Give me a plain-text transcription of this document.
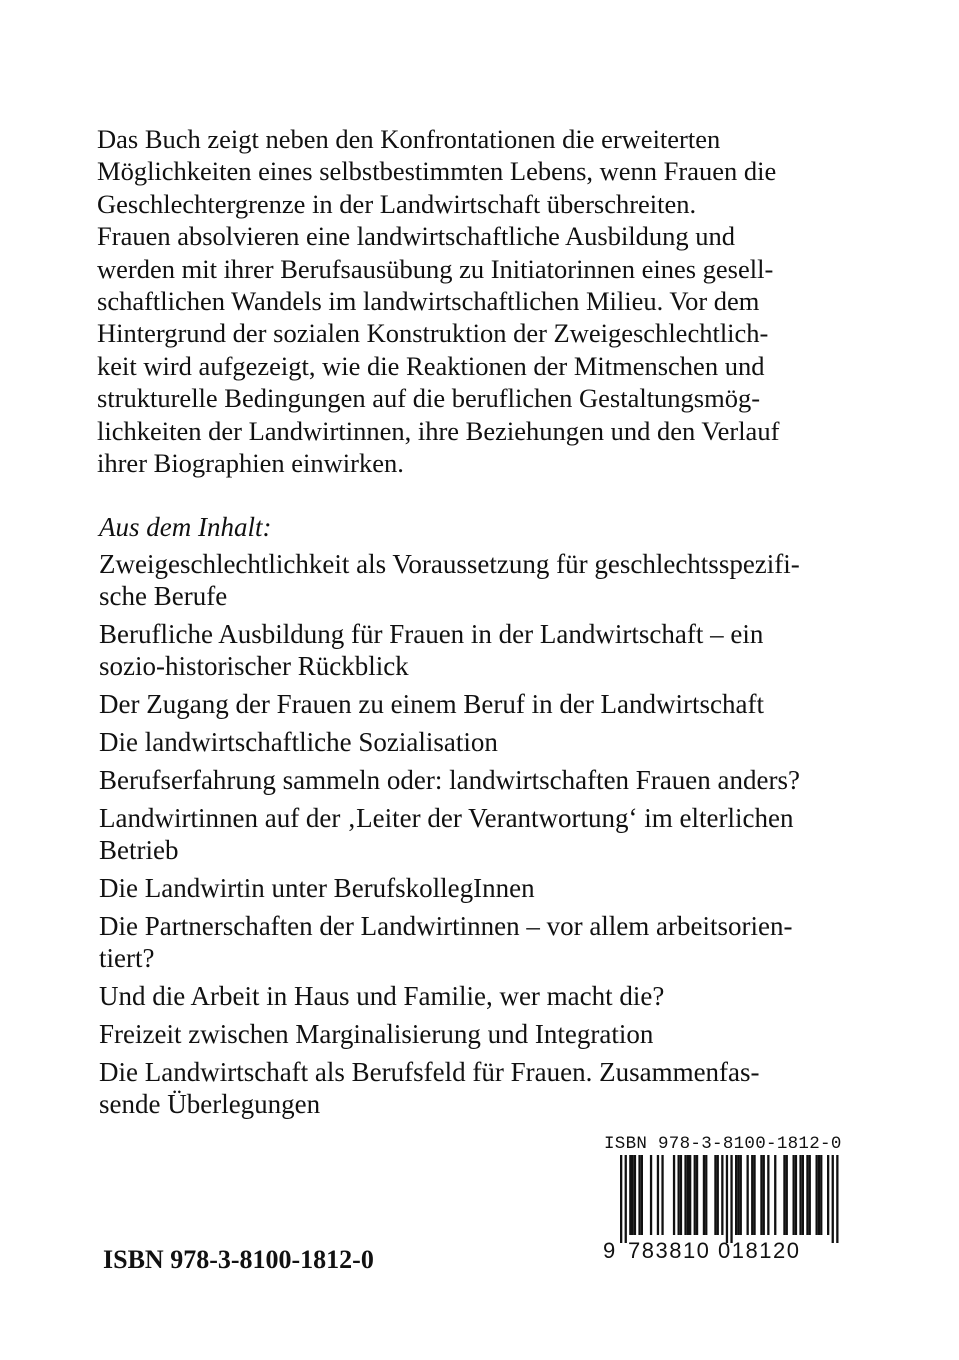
Das Buch zeigt neben den Konfrontationen die erweiterten
Möglichkeiten eines selbstbestimmten Lebens, wenn Frauen die
Geschlechtergrenze in der Landwirtschaft überschreiten.
Frauen absolvieren eine landwirtschaftliche Ausbildung und
werden mit ihrer Berufsausübung zu Initiatorinnen eines gesell-
schaftlichen Wandels im landwirtschaftlichen Milieu. Vor dem
Hintergrund der sozialen Konstruktion der Zweigeschlechtlich-
keit wird aufgezeigt, wie die Reaktionen der Mitmenschen und
strukturelle Bedingungen auf die beruflichen Gestaltungsmög-
lichkeiten der Landwirtinnen, ihre Beziehungen und den Verlauf
ihrer Biographien einwirken.
Aus dem Inhalt:
Zweigeschlechtlichkeit als Voraussetzung für geschlechtsspezifi-
sche Berufe
Berufliche Ausbildung für Frauen in der Landwirtschaft – ein
sozio-historischer Rückblick
Der Zugang der Frauen zu einem Beruf in der Landwirtschaft
Die landwirtschaftliche Sozialisation
Berufserfahrung sammeln oder: landwirtschaften Frauen anders?
Landwirtinnen auf der ‚Leiter der Verantwortung‘ im elterlichen
Betrieb
Die Landwirtin unter BerufskollegInnen
Die Partnerschaften der Landwirtinnen – vor allem arbeitsorien-
tiert?
Und die Arbeit in Haus und Familie, wer macht die?
Freizeit zwischen Marginalisierung und Integration
Die Landwirtschaft als Berufsfeld für Frauen. Zusammenfas-
sende Überlegungen
ISBN 978-3-8100-1812-0
9 783810 018120
ISBN 978-3-8100-1812-0
